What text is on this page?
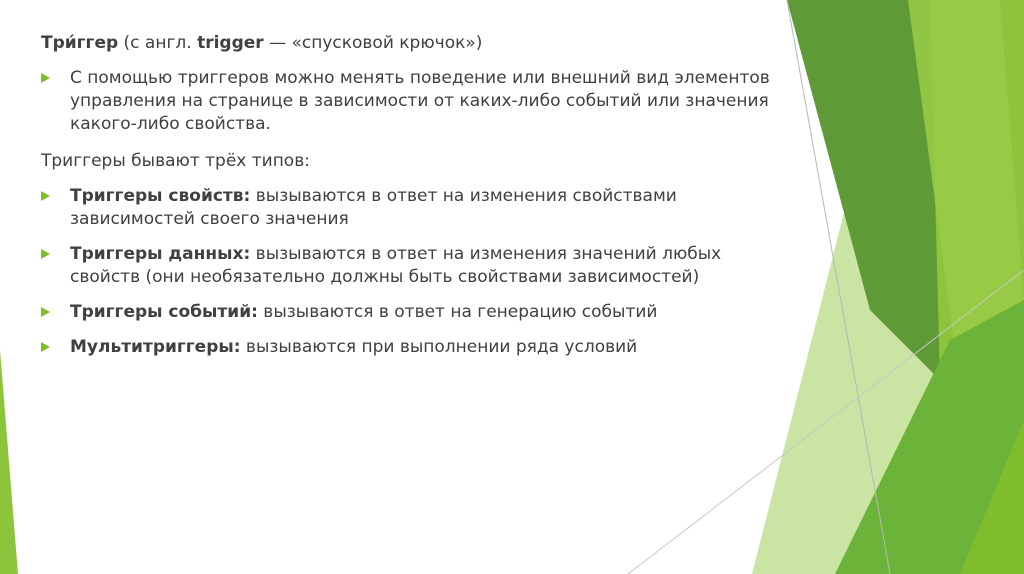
Три́ггер (с англ. trigger — «спусковой крючок»)

С помощью триггеров можно менять поведение или внешний вид элементов управления на странице в зависимости от каких-либо событий или значения какого-либо свойства.

Триггеры бывают трёх типов:

Триггеры свойств: вызываются в ответ на изменения свойствами зависимостей своего значения
Триггеры данных: вызываются в ответ на изменения значений любых свойств (они необязательно должны быть свойствами зависимостей)
Триггеры событий: вызываются в ответ на генерацию событий
Мультитриггеры: вызываются при выполнении ряда условий
